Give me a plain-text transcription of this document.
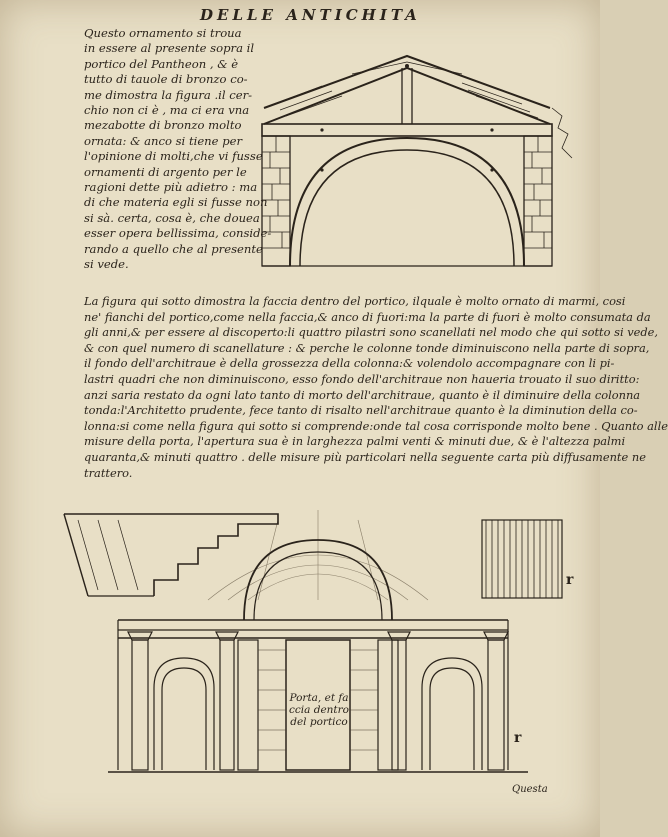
DELLE ANTICHITA
Questo ornamento si troua
in essere al presente sopra il
portico del Pantheon , & è
tutto di tauole di bronzo co-
me dimostra la figura .il cer-
chio non ci è , ma ci era vna
mezabotte di bronzo molto
ornata: & anco si tiene per
l'opinione di molti,che vi fusse
ornamenti di argento per le
ragioni dette più adietro : ma
di che materia egli si fusse non
si sà. certa, cosa è, che douea
esser opera bellissima, conside-
rando a quello che al presente
si vede.
La figura qui sotto dimostra la faccia dentro del portico, ilquale è molto ornato di marmi, cosi
ne' fianchi del portico,come nella faccia,& anco di fuori:ma la parte di fuori è molto consumata da
gli anni,& per essere al discoperto:li quattro pilastri sono scanellati nel modo che qui sotto si vede,
& con quel numero di scanellature : & perche le colonne tonde diminuiscono nella parte di sopra,
il fondo dell'architraue è della grossezza della colonna:& volendolo accompagnare con li pi-
lastri quadri che non diminuiscono, esso fondo dell'architraue non haueria trouato il suo diritto:
anzi saria restato da ogni lato tanto di morto dell'architraue, quanto è il diminuire della colonna
tonda:l'Architetto prudente, fece tanto di risalto nell'architraue quanto è la diminution della co-
lonna:si come nella figura qui sotto si comprende:onde tal cosa corrisponde molto bene . Quanto alle
misure della porta, l'apertura sua è in larghezza palmi venti & minuti due, & è l'altezza palmi
quaranta,& minuti quattro . delle misure più particolari nella seguente carta più diffusamente ne
trattero.
Porta, et fa
ccia dentro
del portico
r
r
Questa
